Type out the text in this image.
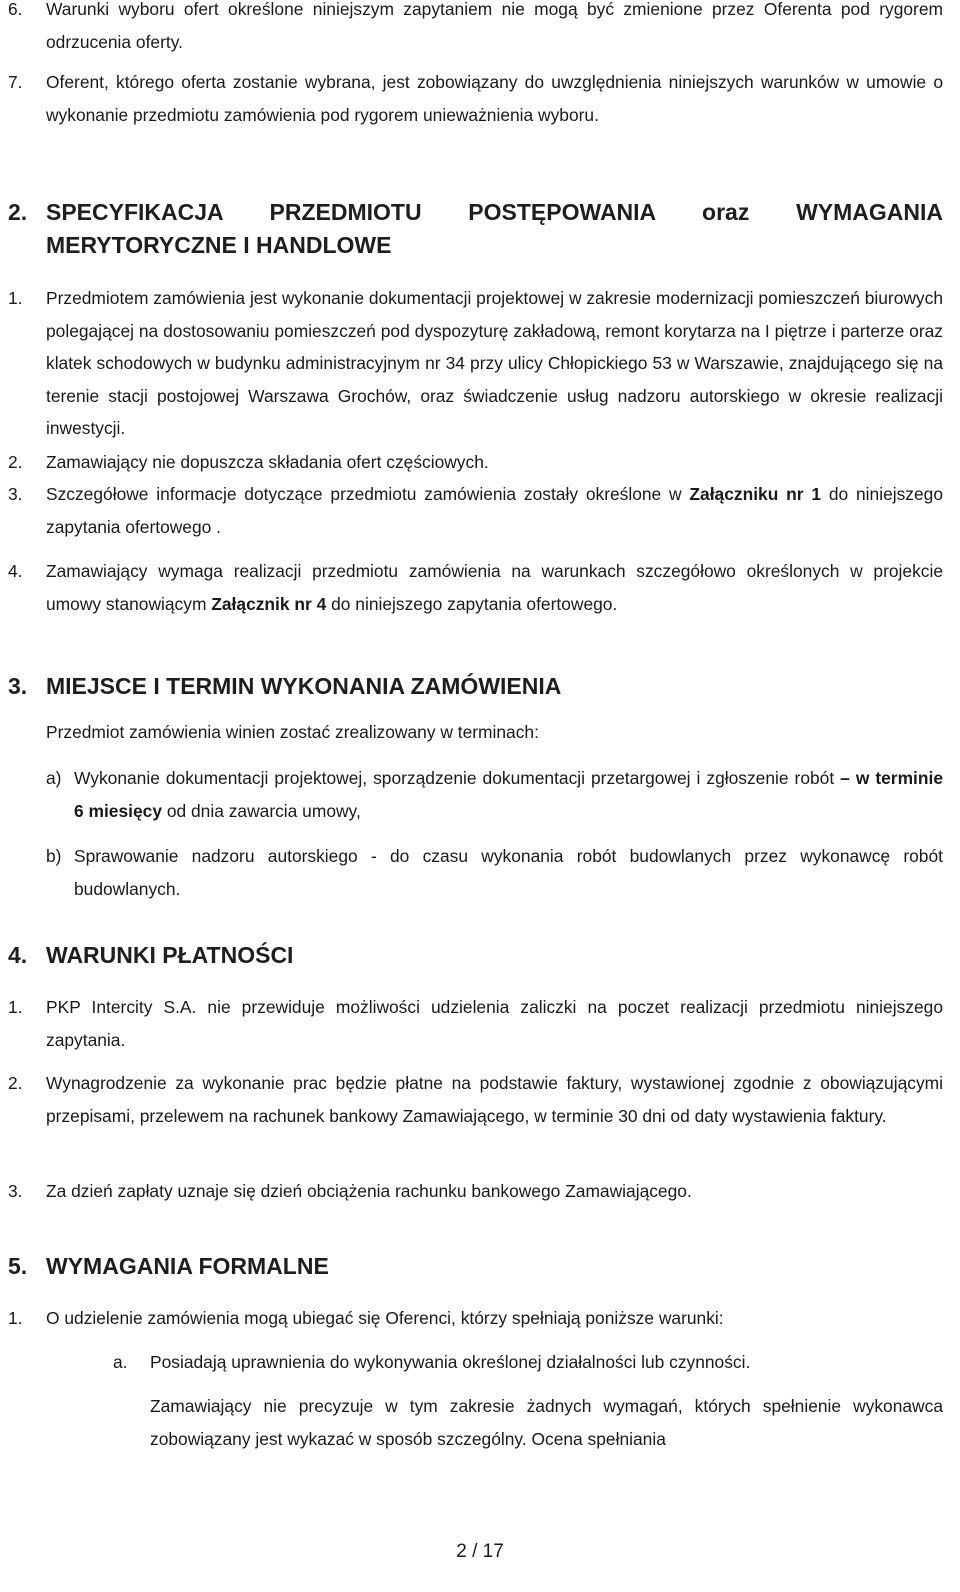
6. Warunki wyboru ofert określone niniejszym zapytaniem nie mogą być zmienione przez Oferenta pod rygorem odrzucenia oferty.
7. Oferent, którego oferta zostanie wybrana, jest zobowiązany do uwzględnienia niniejszych warunków w umowie o wykonanie przedmiotu zamówienia pod rygorem unieważnienia wyboru.
2. SPECYFIKACJA PRZEDMIOTU POSTĘPOWANIA oraz WYMAGANIA
MERYTORYCZNE I HANDLOWE
1. Przedmiotem zamówienia jest wykonanie dokumentacji projektowej w zakresie modernizacji pomieszczeń biurowych polegającej na dostosowaniu pomieszczeń pod dyspozyturę zakładową, remont korytarza na I piętrze i parterze oraz klatek schodowych w budynku administracyjnym nr 34 przy ulicy Chłopickiego 53 w Warszawie, znajdującego się na terenie stacji postojowej Warszawa Grochów, oraz świadczenie usług nadzoru autorskiego w okresie realizacji inwestycji.
2. Zamawiający nie dopuszcza składania ofert częściowych.
3. Szczegółowe informacje dotyczące przedmiotu zamówienia zostały określone w Załączniku nr 1 do niniejszego zapytania ofertowego .
4. Zamawiający wymaga realizacji przedmiotu zamówienia na warunkach szczegółowo określonych w projekcie umowy stanowiącym Załącznik nr 4 do niniejszego zapytania ofertowego.
3. MIEJSCE I TERMIN WYKONANIA ZAMÓWIENIA
Przedmiot zamówienia winien zostać zrealizowany w terminach:
a) Wykonanie dokumentacji projektowej, sporządzenie dokumentacji przetargowej i zgłoszenie robót – w terminie 6 miesięcy od dnia zawarcia umowy,
b) Sprawowanie nadzoru autorskiego - do czasu wykonania robót budowlanych przez wykonawcę robót budowlanych.
4. WARUNKI PŁATNOŚCI
1. PKP Intercity S.A. nie przewiduje możliwości udzielenia zaliczki na poczet realizacji przedmiotu niniejszego zapytania.
2. Wynagrodzenie za wykonanie prac będzie płatne na podstawie faktury, wystawionej zgodnie z obowiązującymi przepisami, przelewem na rachunek bankowy Zamawiającego, w terminie 30 dni od daty wystawienia faktury.
3. Za dzień zapłaty uznaje się dzień obciążenia rachunku bankowego Zamawiającego.
5. WYMAGANIA FORMALNE
1. O udzielenie zamówienia mogą ubiegać się Oferenci, którzy spełniają poniższe warunki:
a. Posiadają uprawnienia do wykonywania określonej działalności lub czynności.
Zamawiający nie precyzuje w tym zakresie żadnych wymagań, których spełnienie wykonawca zobowiązany jest wykazać w sposób szczególny. Ocena spełniania
2 / 17
